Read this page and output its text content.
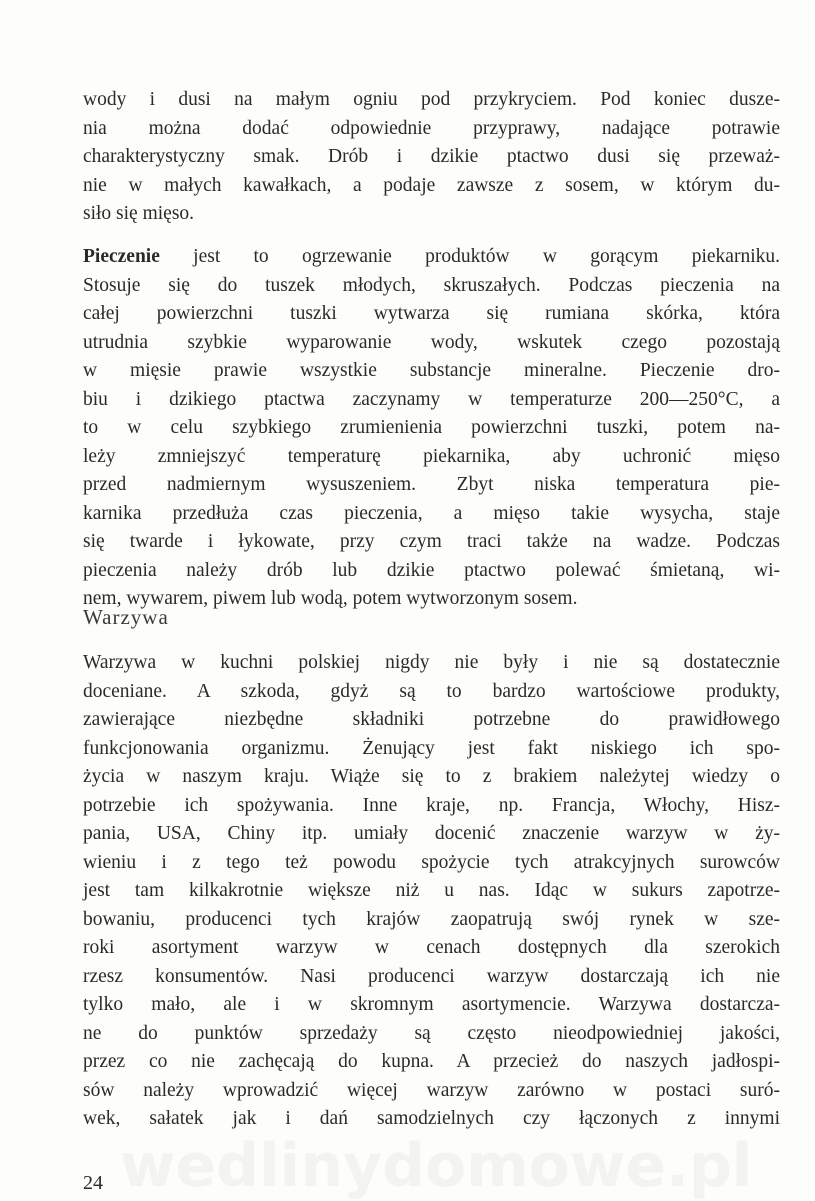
wedlinydomowe.pl
wody i dusi na małym ogniu pod przykryciem. Pod koniec dusze-
nia można dodać odpowiednie przyprawy, nadające potrawie
charakterystyczny smak. Drób i dzikie ptactwo dusi się przeważ-
nie w małych kawałkach, a podaje zawsze z sosem, w którym du-
siło się mięso.
Pieczenie jest to ogrzewanie produktów w gorącym piekarniku.
Stosuje się do tuszek młodych, skruszałych. Podczas pieczenia na
całej powierzchni tuszki wytwarza się rumiana skórka, która
utrudnia szybkie wyparowanie wody, wskutek czego pozostają
w mięsie prawie wszystkie substancje mineralne. Pieczenie dro-
biu i dzikiego ptactwa zaczynamy w temperaturze 200—250°C, a
to w celu szybkiego zrumienienia powierzchni tuszki, potem na-
leży zmniejszyć temperaturę piekarnika, aby uchronić mięso
przed nadmiernym wysuszeniem. Zbyt niska temperatura pie-
karnika przedłuża czas pieczenia, a mięso takie wysycha, staje
się twarde i łykowate, przy czym traci także na wadze. Podczas
pieczenia należy drób lub dzikie ptactwo polewać śmietaną, wi-
nem, wywarem, piwem lub wodą, potem wytworzonym sosem.
Warzywa
Warzywa w kuchni polskiej nigdy nie były i nie są dostatecznie
doceniane. A szkoda, gdyż są to bardzo wartościowe produkty,
zawierające niezbędne składniki potrzebne do prawidłowego
funkcjonowania organizmu. Żenujący jest fakt niskiego ich spo-
życia w naszym kraju. Wiąże się to z brakiem należytej wiedzy o
potrzebie ich spożywania. Inne kraje, np. Francja, Włochy, Hisz-
pania, USA, Chiny itp. umiały docenić znaczenie warzyw w ży-
wieniu i z tego też powodu spożycie tych atrakcyjnych surowców
jest tam kilkakrotnie większe niż u nas. Idąc w sukurs zapotrze-
bowaniu, producenci tych krajów zaopatrują swój rynek w sze-
roki asortyment warzyw w cenach dostępnych dla szerokich
rzesz konsumentów. Nasi producenci warzyw dostarczają ich nie
tylko mało, ale i w skromnym asortymencie. Warzywa dostarcza-
ne do punktów sprzedaży są często nieodpowiedniej jakości,
przez co nie zachęcają do kupna. A przecież do naszych jadłospi-
sów należy wprowadzić więcej warzyw zarówno w postaci suró-
wek, sałatek jak i dań samodzielnych czy łączonych z innymi
24
